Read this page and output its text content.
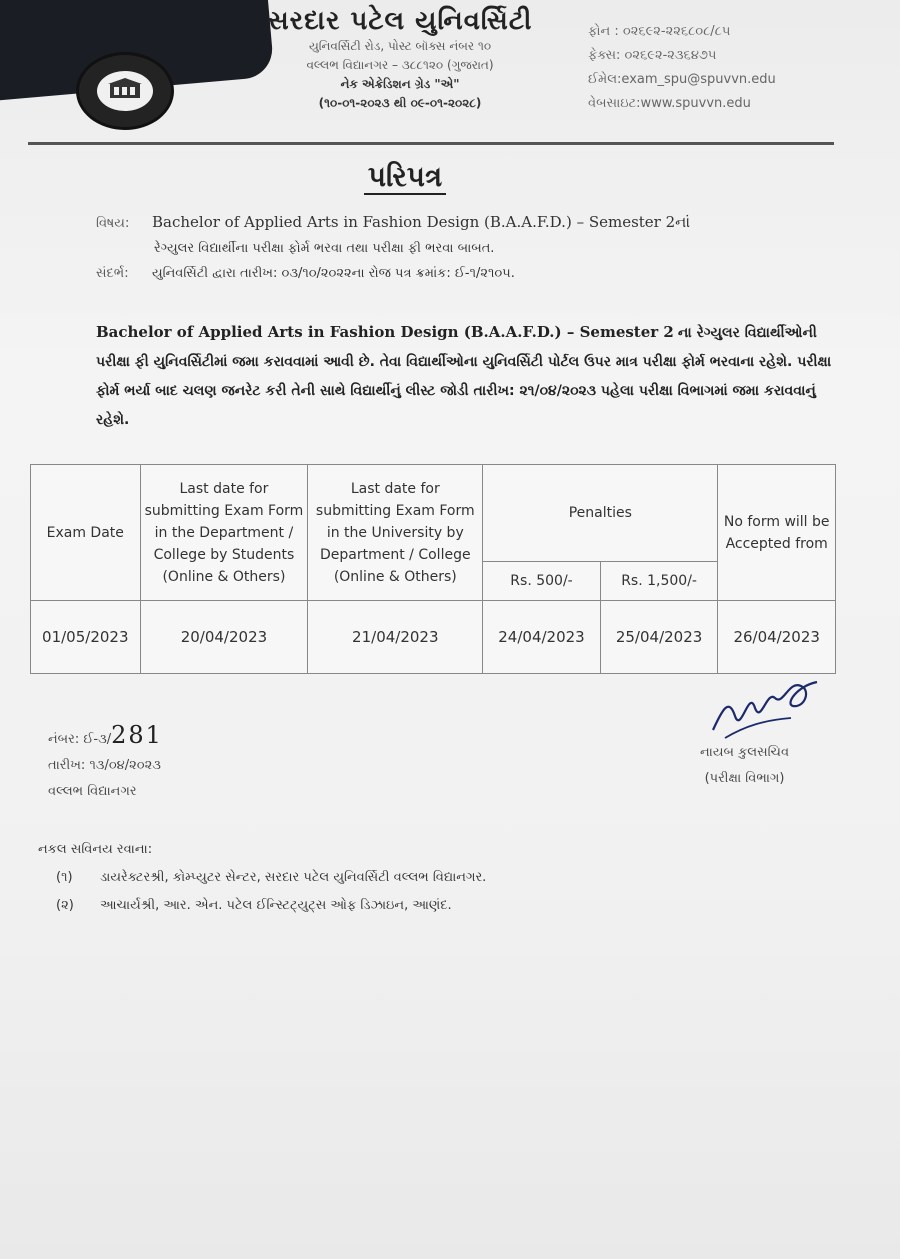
સરદાર પટેલ યુનિવર્સિટી
યુનિવર્સિટી રોડ, પોસ્ટ બૉક્સ નંબર ૧૦
વલ્લભ વિદ્યાનગર – ૩૮૮૧૨૦ (ગુજરાત)
નેક એક્રેડિશન ગ્રેડ "એ"
(૧૦-૦૧-૨૦૨૩ થી ૦૯-૦૧-૨૦૨૮)
ફોન : ૦૨૬૯૨-૨૨૬૮૦૮/૮૫
ફેક્સ: ૦૨૬૯૨-૨૩૬૪૭૫
ઈમેલ:exam_spu@spuvvn.edu
વેબસાઇટ:www.spuvvn.edu
પરિપત્ર
વિષય: Bachelor of Applied Arts in Fashion Design (B.A.A.F.D.) – Semester 2નાં
રેગ્યુલર વિદ્યાર્થીના પરીક્ષા ફોર્મ ભરવા તથા પરીક્ષા ફી ભરવા બાબત.
સંદર્ભ: યુનિવર્સિટી દ્વારા તારીખ: ૦૩/૧૦/૨૦૨૨ના રોજ પત્ર ક્રમાંક: ઈ-૧/૨૧૦૫.
Bachelor of Applied Arts in Fashion Design (B.A.A.F.D.) – Semester 2 ના રેગ્યુલર વિદ્યાર્થીઓની પરીક્ષા ફી યુનિવર્સિટીમાં જમા કરાવવામાં આવી છે. તેવા વિદ્યાર્થીઓના યુનિવર્સિટી પોર્ટલ ઉપર માત્ર પરીક્ષા ફોર્મ ભરવાના રહેશે. પરીક્ષા ફોર્મ ભર્યા બાદ ચલણ જનરેટ કરી તેની સાથે વિદ્યાર્થીનું લીસ્ટ જોડી તારીખ: ૨૧/૦૪/૨૦૨૩ પહેલા પરીક્ષા વિભાગમાં જમા કરાવવાનું રહેશે.
Exam Date	Last date for submitting Exam Form in the Department / College by Students (Online & Others)	Last date for submitting Exam Form in the University by Department / College (Online & Others)	Penalties		No form will be Accepted from
			Rs. 500/-	Rs. 1,500/-	
01/05/2023	20/04/2023	21/04/2023	24/04/2023	25/04/2023	26/04/2023
નંબર: ઈ-૩/281
તારીખ: ૧૩/૦૪/૨૦૨૩
વલ્લભ વિદ્યાનગર
નાયબ કુલસચિવ
(પરીક્ષા વિભાગ)
નકલ સવિનય રવાના:
(૧) ડાયરેક્ટરશ્રી, કોમ્પ્યુટર સેન્ટર, સરદાર પટેલ યુનિવર્સિટી વલ્લભ વિદ્યાનગર.
(૨) આચાર્યશ્રી, આર. એન. પટેલ ઈન્સ્ટિટ્યુટ્સ ઓફ ડિઝાઇન, આણંદ.
